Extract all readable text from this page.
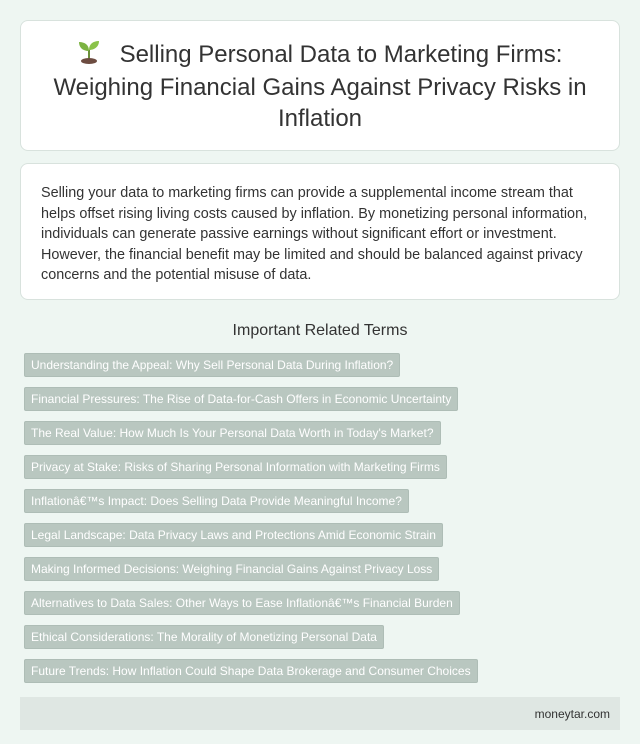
Selling Personal Data to Marketing Firms: Weighing Financial Gains Against Privacy Risks in Inflation

Selling your data to marketing firms can provide a supplemental income stream that helps offset rising living costs caused by inflation. By monetizing personal information, individuals can generate passive earnings without significant effort or investment. However, the financial benefit may be limited and should be balanced against privacy concerns and the potential misuse of data.

Important Related Terms
Understanding the Appeal: Why Sell Personal Data During Inflation?
Financial Pressures: The Rise of Data-for-Cash Offers in Economic Uncertainty
The Real Value: How Much Is Your Personal Data Worth in Today's Market?
Privacy at Stake: Risks of Sharing Personal Information with Marketing Firms
Inflationâ€™s Impact: Does Selling Data Provide Meaningful Income?
Legal Landscape: Data Privacy Laws and Protections Amid Economic Strain
Making Informed Decisions: Weighing Financial Gains Against Privacy Loss
Alternatives to Data Sales: Other Ways to Ease Inflationâ€™s Financial Burden
Ethical Considerations: The Morality of Monetizing Personal Data
Future Trends: How Inflation Could Shape Data Brokerage and Consumer Choices
moneytar.com
